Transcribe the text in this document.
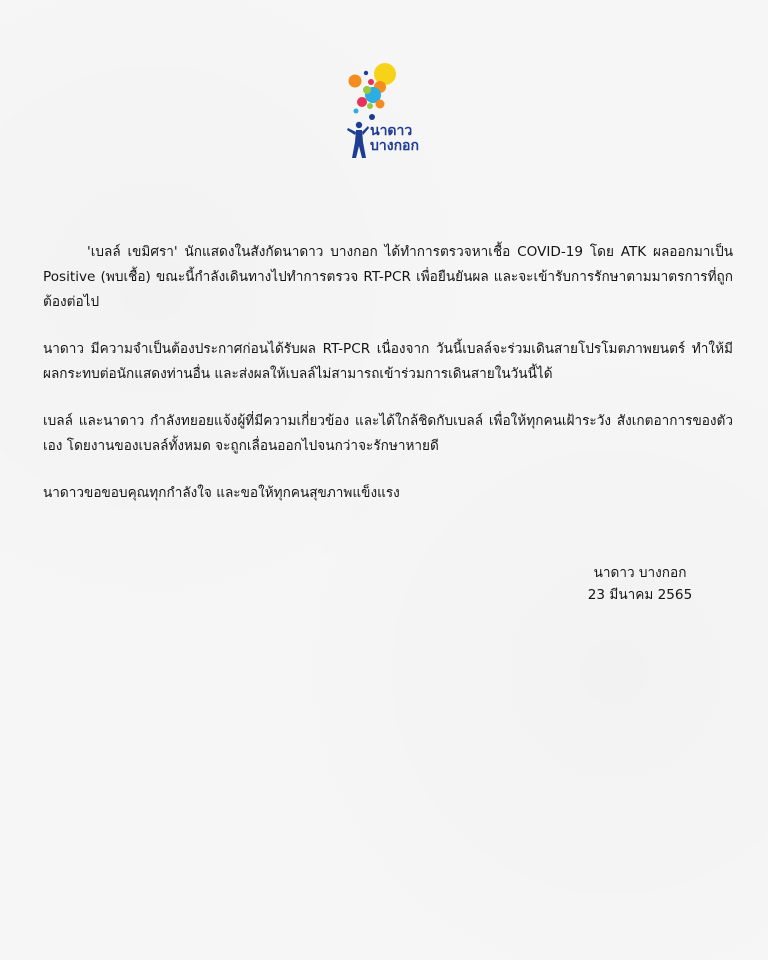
นาดาว
บางกอก

'เบลล์ เขมิศรา' นักแสดงในสังกัดนาดาว บางกอก ได้ทำการตรวจหาเชื้อ COVID-19 โดย ATK ผลออกมาเป็น Positive (พบเชื้อ) ขณะนี้กำลังเดินทางไปทำการตรวจ RT-PCR เพื่อยืนยันผล และจะเข้ารับการรักษาตามมาตรการที่ถูกต้องต่อไป

นาดาว มีความจำเป็นต้องประกาศก่อนได้รับผล RT-PCR เนื่องจาก วันนี้เบลล์จะร่วมเดินสายโปรโมตภาพยนตร์ ทำให้มีผลกระทบต่อนักแสดงท่านอื่น และส่งผลให้เบลล์ไม่สามารถเข้าร่วมการเดินสายในวันนี้ได้

เบลล์ และนาดาว กำลังทยอยแจ้งผู้ที่มีความเกี่ยวข้อง และได้ใกล้ชิดกับเบลล์ เพื่อให้ทุกคนเฝ้าระวัง สังเกตอาการของตัวเอง โดยงานของเบลล์ทั้งหมด จะถูกเลื่อนออกไปจนกว่าจะรักษาหายดี

นาดาวขอขอบคุณทุกกำลังใจ และขอให้ทุกคนสุขภาพแข็งแรง

นาดาว บางกอก
23 มีนาคม 2565
